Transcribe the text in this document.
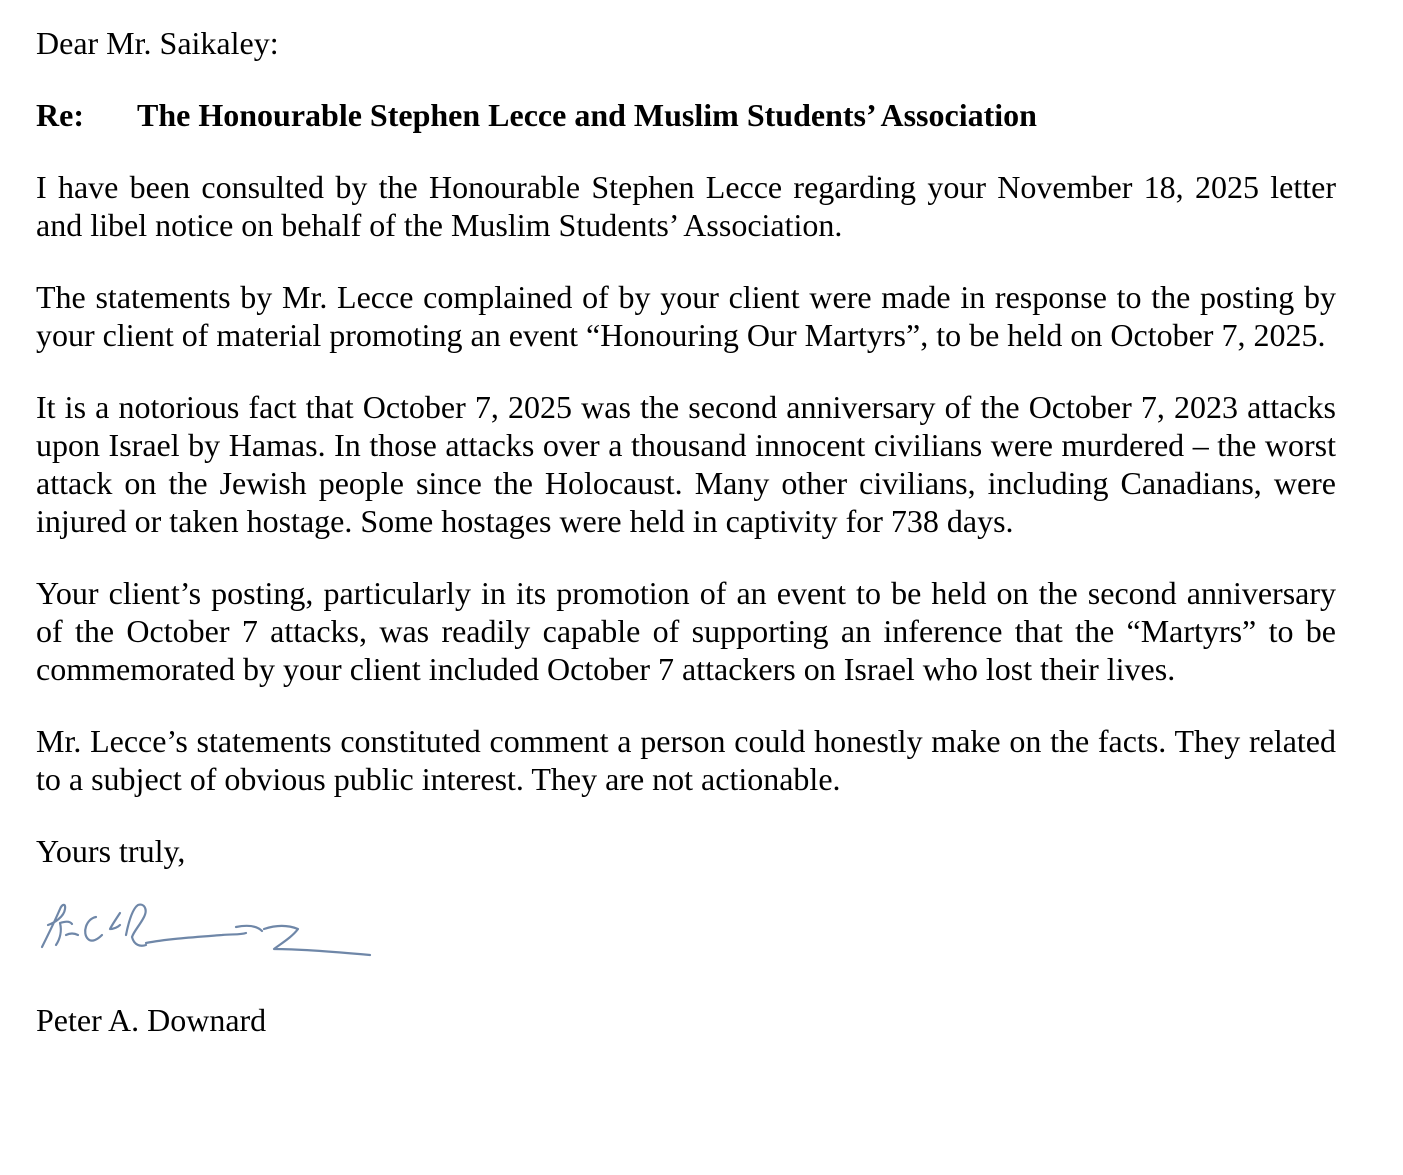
Dear Mr. Saikaley:

Re:	The Honourable Stephen Lecce and Muslim Students’ Association

I have been consulted by the Honourable Stephen Lecce regarding your November 18, 2025 letter and libel notice on behalf of the Muslim Students’ Association.

The statements by Mr. Lecce complained of by your client were made in response to the posting by your client of material promoting an event “Honouring Our Martyrs”, to be held on October 7, 2025.

It is a notorious fact that October 7, 2025 was the second anniversary of the October 7, 2023 attacks upon Israel by Hamas. In those attacks over a thousand innocent civilians were murdered – the worst attack on the Jewish people since the Holocaust. Many other civilians, including Canadians, were injured or taken hostage. Some hostages were held in captivity for 738 days.

Your client’s posting, particularly in its promotion of an event to be held on the second anniversary of the October 7 attacks, was readily capable of supporting an inference that the “Martyrs” to be commemorated by your client included October 7 attackers on Israel who lost their lives.

Mr. Lecce’s statements constituted comment a person could honestly make on the facts. They related to a subject of obvious public interest. They are not actionable.

Yours truly,

Peter A. Downard
